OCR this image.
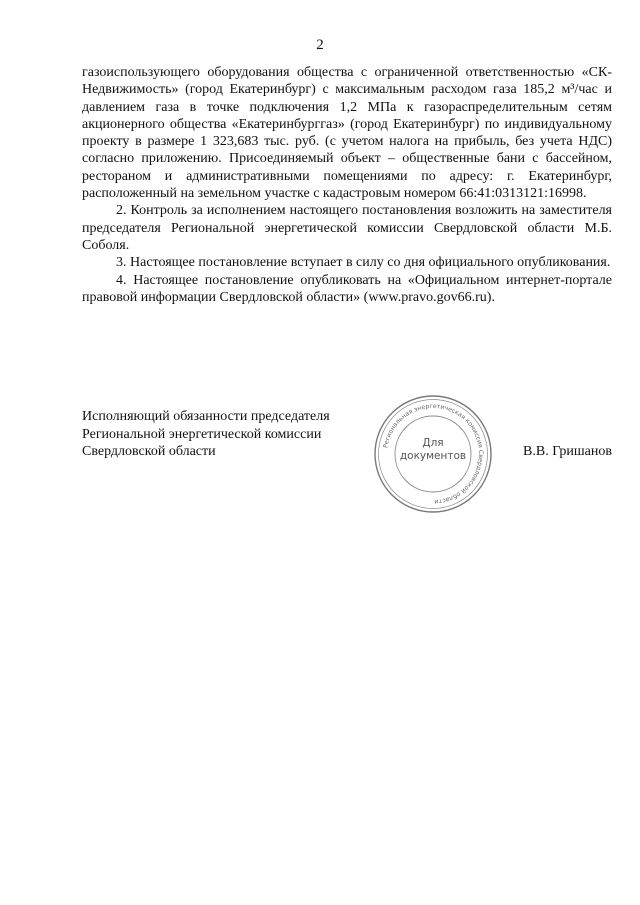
2

газоиспользующего оборудования общества с ограниченной ответственностью «СК-Недвижимость» (город Екатеринбург) с максимальным расходом газа 185,2 м³/час и давлением газа в точке подключения 1,2 МПа к газораспределительным сетям акционерного общества «Екатеринбурггаз» (город Екатеринбург) по индивидуальному проекту в размере 1 323,683 тыс. руб. (с учетом налога на прибыль, без учета НДС) согласно приложению. Присоединяемый объект – общественные бани с бассейном, рестораном и административными помещениями по адресу: г. Екатеринбург, расположенный на земельном участке с кадастровым номером 66:41:0313121:16998.

2. Контроль за исполнением настоящего постановления возложить на заместителя председателя Региональной энергетической комиссии Свердловской области М.Б. Соболя.

3. Настоящее постановление вступает в силу со дня официального опубликования.

4. Настоящее постановление опубликовать на «Официальном интернет-портале правовой информации Свердловской области» (www.pravo.gov66.ru).

Исполняющий обязанности председателя
Региональной энергетической комиссии
Свердловской области	Региональная энергетическая комиссия Свердловской области
Для
документов	В.В. Гришанов
